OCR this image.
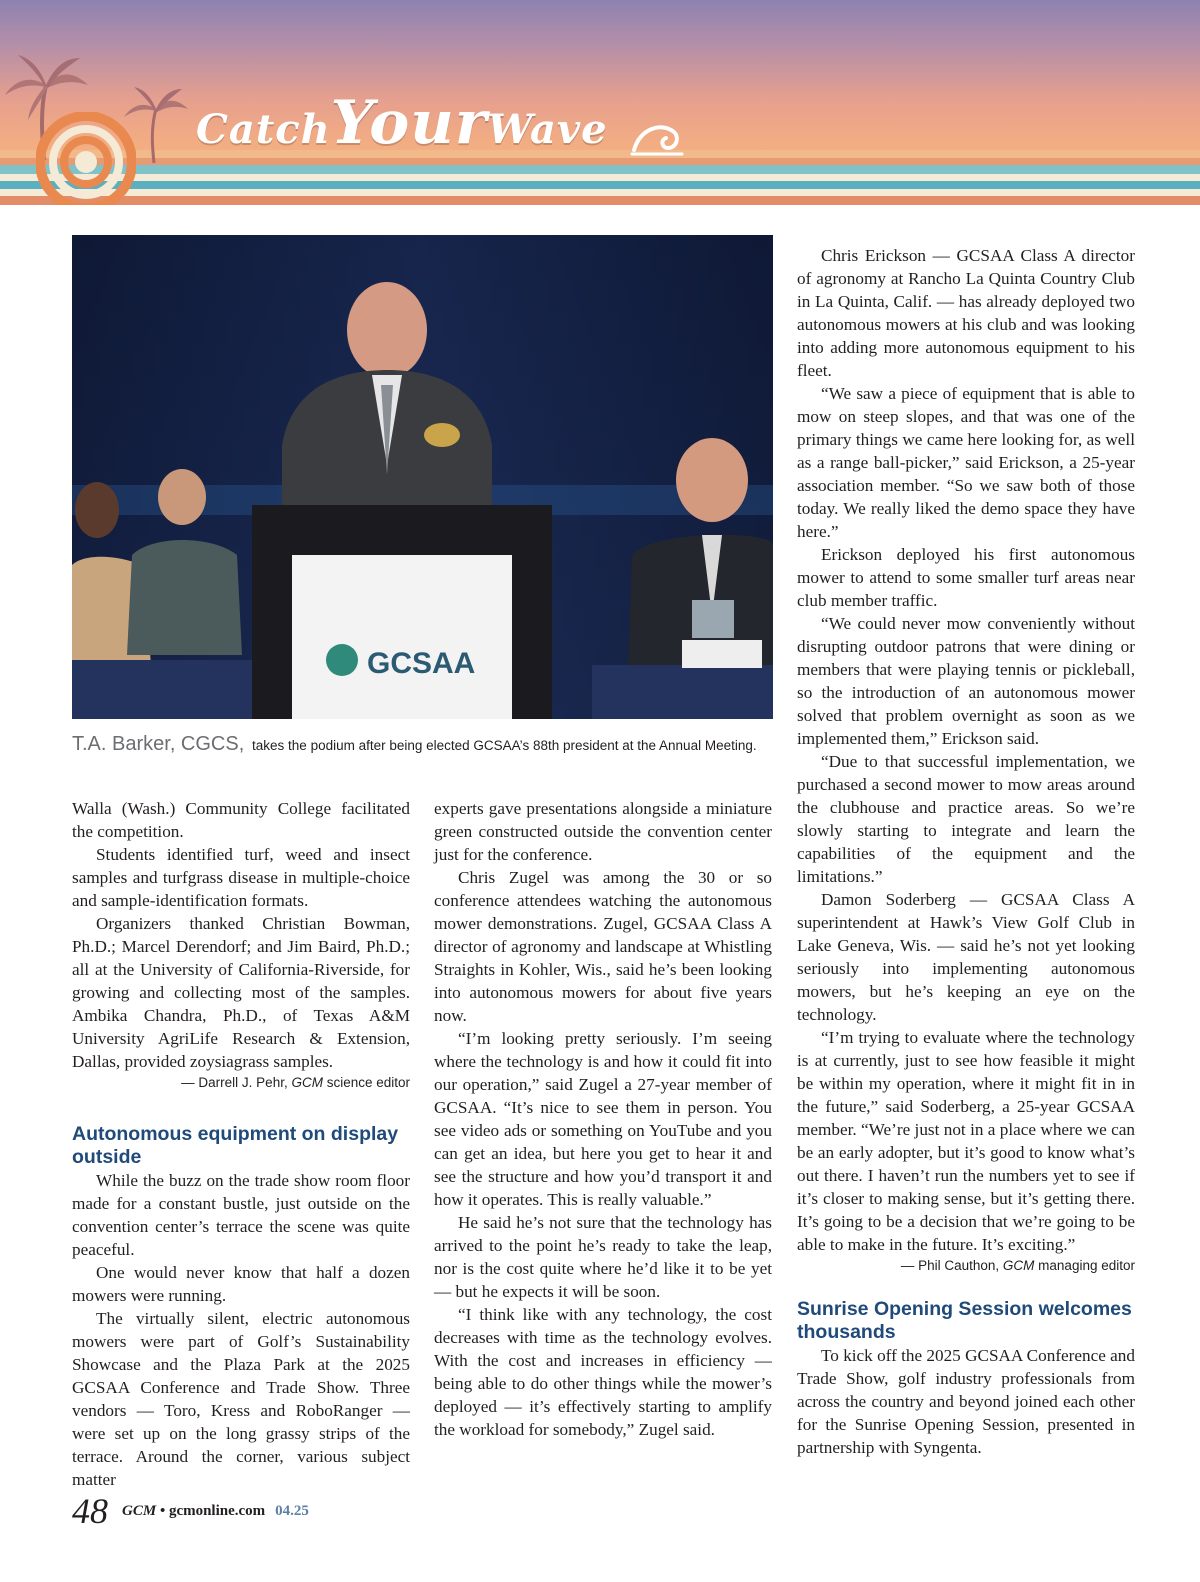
CatchYourWave
GCSAA
T.A. Barker, CGCS, takes the podium after being elected GCSAA’s 88th president at the Annual Meeting.

Walla (Wash.) Community College facilitated the competition.

Students identified turf, weed and insect samples and turfgrass disease in multiple-choice and sample-identification formats.

Organizers thanked Christian Bowman, Ph.D.; Marcel Derendorf; and Jim Baird, Ph.D.; all at the University of California-Riverside, for growing and collecting most of the samples. Ambika Chandra, Ph.D., of Texas A&M University AgriLife Research & Extension, Dallas, provided zoysiagrass samples.

— Darrell J. Pehr, GCM science editor

Autonomous equipment on display outside

While the buzz on the trade show room floor made for a constant bustle, just outside on the convention center’s terrace the scene was quite peaceful.

One would never know that half a dozen mowers were running.

The virtually silent, electric autonomous mowers were part of Golf’s Sustainability Showcase and the Plaza Park at the 2025 GCSAA Conference and Trade Show. Three vendors — Toro, Kress and RoboRanger — were set up on the long grassy strips of the terrace. Around the corner, various subject matter

experts gave presentations alongside a miniature green constructed outside the convention center just for the conference.

Chris Zugel was among the 30 or so conference attendees watching the autonomous mower demonstrations. Zugel, GCSAA Class A director of agronomy and landscape at Whistling Straights in Kohler, Wis., said he’s been looking into autonomous mowers for about five years now.

“I’m looking pretty seriously. I’m seeing where the technology is and how it could fit into our operation,” said Zugel a 27-year member of GCSAA. “It’s nice to see them in person. You see video ads or something on YouTube and you can get an idea, but here you get to hear it and see the structure and how you’d transport it and how it operates. This is really valuable.”

He said he’s not sure that the technology has arrived to the point he’s ready to take the leap, nor is the cost quite where he’d like it to be yet — but he expects it will be soon.

“I think like with any technology, the cost decreases with time as the technology evolves. With the cost and increases in efficiency — being able to do other things while the mower’s deployed — it’s effectively starting to amplify the workload for somebody,” Zugel said.

Chris Erickson — GCSAA Class A director of agronomy at Rancho La Quinta Country Club in La Quinta, Calif. — has already deployed two autonomous mowers at his club and was looking into adding more autonomous equipment to his fleet.

“We saw a piece of equipment that is able to mow on steep slopes, and that was one of the primary things we came here looking for, as well as a range ball-picker,” said Erickson, a 25-year association member. “So we saw both of those today. We really liked the demo space they have here.”

Erickson deployed his first autonomous mower to attend to some smaller turf areas near club member traffic.

“We could never mow conveniently without disrupting outdoor patrons that were dining or members that were playing tennis or pickleball, so the introduction of an autonomous mower solved that problem overnight as soon as we implemented them,” Erickson said.

“Due to that successful implementation, we purchased a second mower to mow areas around the clubhouse and practice areas. So we’re slowly starting to integrate and learn the capabilities of the equipment and the limitations.”

Damon Soderberg — GCSAA Class A superintendent at Hawk’s View Golf Club in Lake Geneva, Wis. — said he’s not yet looking seriously into implementing autonomous mowers, but he’s keeping an eye on the technology.

“I’m trying to evaluate where the technology is at currently, just to see how feasible it might be within my operation, where it might fit in in the future,” said Soderberg, a 25-year GCSAA member. “We’re just not in a place where we can be an early adopter, but it’s good to know what’s out there. I haven’t run the numbers yet to see if it’s closer to making sense, but it’s getting there. It’s going to be a decision that we’re going to be able to make in the future. It’s exciting.”

— Phil Cauthon, GCM managing editor

Sunrise Opening Session welcomes thousands

To kick off the 2025 GCSAA Conference and Trade Show, golf industry professionals from across the country and beyond joined each other for the Sunrise Opening Session, presented in partnership with Syngenta.

48 GCM • gcmonline.com 04.25
